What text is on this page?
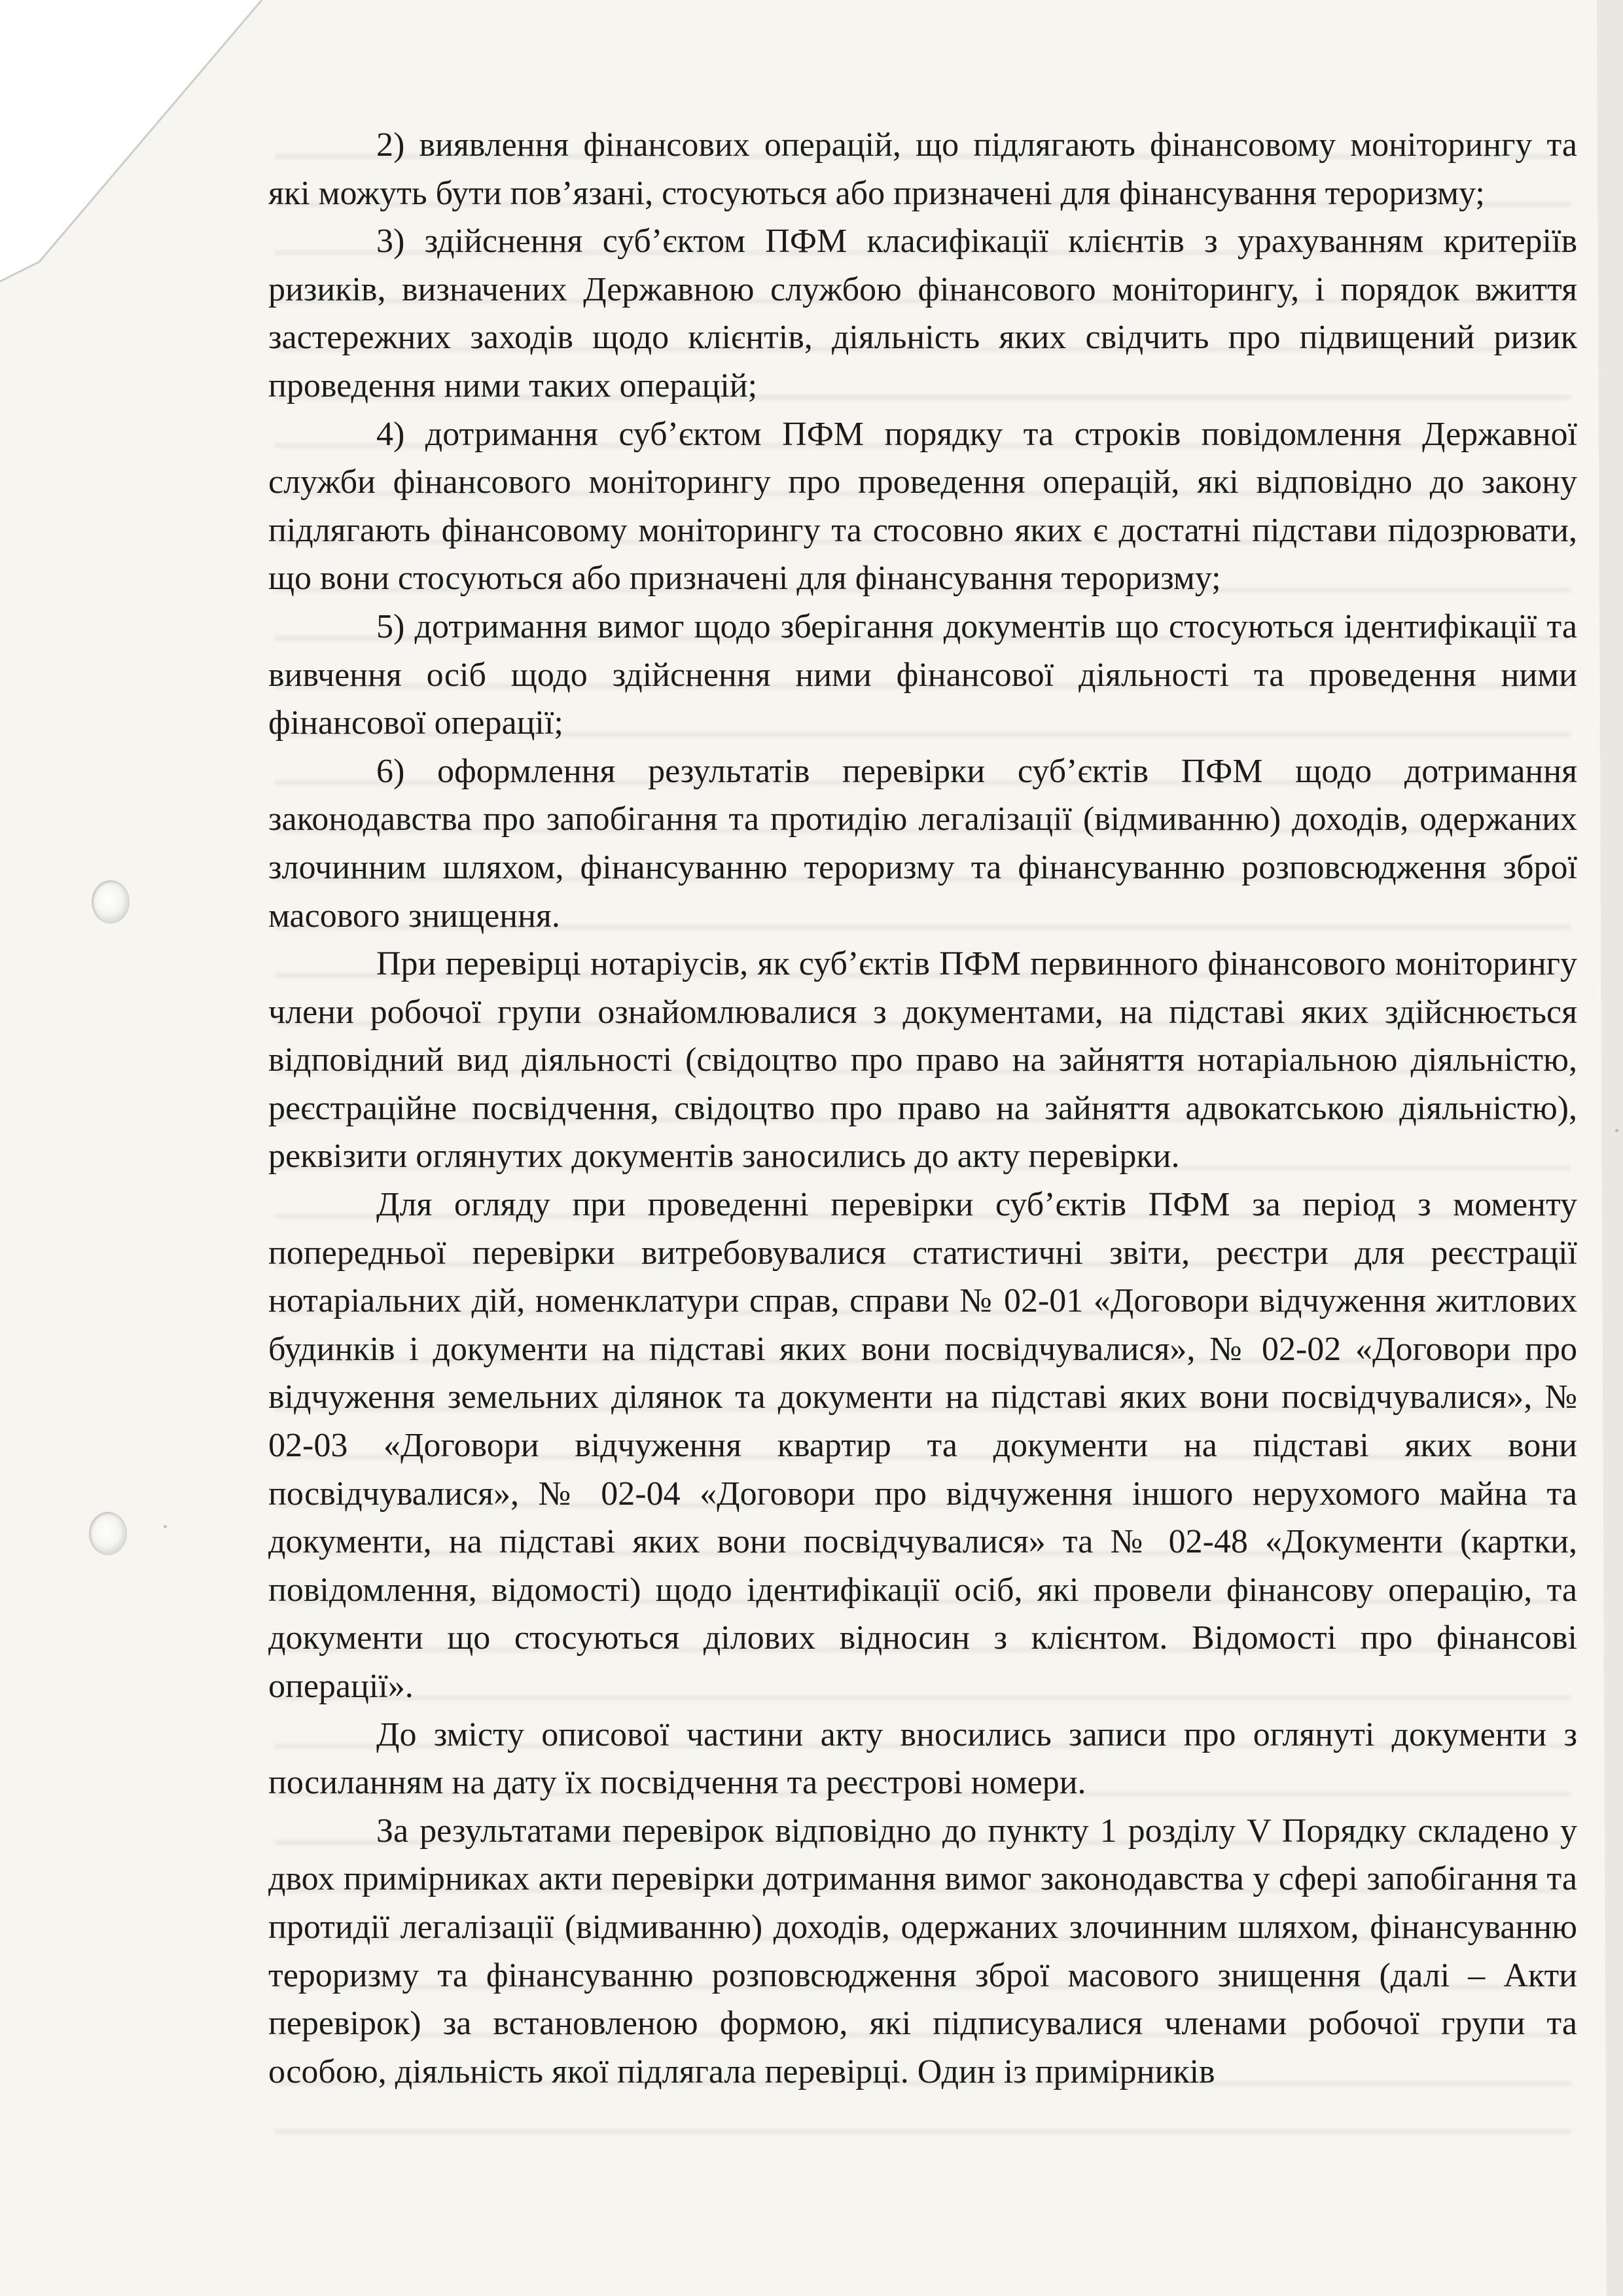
2) виявлення фінансових операцій, що підлягають фінансовому моніторингу та які можуть бути пов’язані, стосуються або призначені для фінансування тероризму;

3) здійснення суб’єктом ПФМ класифікації клієнтів з урахуванням критеріїв ризиків, визначених Державною службою фінансового моніторингу, і порядок вжиття застережних заходів щодо клієнтів, діяльність яких свідчить про підвищений ризик проведення ними таких операцій;

4) дотримання суб’єктом ПФМ порядку та строків повідомлення Державної служби фінансового моніторингу про проведення операцій, які відповідно до закону підлягають фінансовому моніторингу та стосовно яких є достатні підстави підозрювати, що вони стосуються або призначені для фінансування тероризму;

5) дотримання вимог щодо зберігання документів що стосуються ідентифікації та вивчення осіб щодо здійснення ними фінансової діяльності та проведення ними фінансової операції;

6) оформлення результатів перевірки суб’єктів ПФМ щодо дотримання законодавства про запобігання та протидію легалізації (відмиванню) доходів, одержаних злочинним шляхом, фінансуванню тероризму та фінансуванню розповсюдження зброї масового знищення.

При перевірці нотаріусів, як суб’єктів ПФМ первинного фінансового моніторингу члени робочої групи ознайомлювалися з документами, на підставі яких здійснюється відповідний вид діяльності (свідоцтво про право на зайняття нотаріальною діяльністю, реєстраційне посвідчення, свідоцтво про право на зайняття адвокатською діяльністю), реквізити оглянутих документів заносились до акту перевірки.

Для огляду при проведенні перевірки суб’єктів ПФМ за період з моменту попередньої перевірки витребовувалися статистичні звіти, реєстри для реєстрації нотаріальних дій, номенклатури справ, справи № 02-01 «Договори відчуження житлових будинків і документи на підставі яких вони посвідчувалися», № 02-02 «Договори про відчуження земельних ділянок та документи на підставі яких вони посвідчувалися», № 02-03 «Договори відчуження квартир та документи на підставі яких вони посвідчувалися», № 02-04 «Договори про відчуження іншого нерухомого майна та документи, на підставі яких вони посвідчувалися» та № 02-48 «Документи (картки, повідомлення, відомості) щодо ідентифікації осіб, які провели фінансову операцію, та документи що стосуються ділових відносин з клієнтом. Відомості про фінансові операції».

До змісту описової частини акту вносились записи про оглянуті документи з посиланням на дату їх посвідчення та реєстрові номери.

За результатами перевірок відповідно до пункту 1 розділу V Порядку складено у двох примірниках акти перевірки дотримання вимог законодавства у сфері запобігання та протидії легалізації (відмиванню) доходів, одержаних злочинним шляхом, фінансуванню тероризму та фінансуванню розповсюдження зброї масового знищення (далі – Акти перевірок) за встановленою формою, які підписувалися членами робочої групи та особою, діяльність якої підлягала перевірці. Один із примірників
